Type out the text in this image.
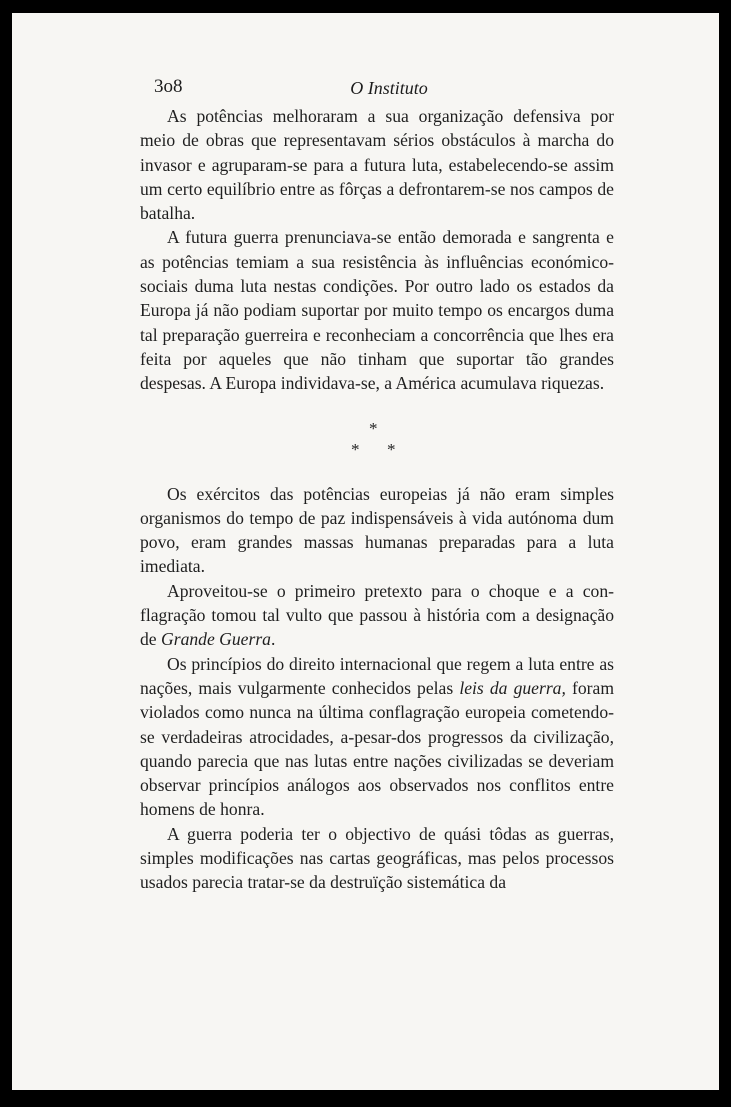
3o8	O Instituto

As potências melhoraram a sua organização defensiva por meio de obras que representavam sérios obstáculos à marcha do invasor e agruparam-se para a futura luta, estabelecendo-se assim um certo equilíbrio entre as fôrças a defrontarem-se nos campos de batalha.

A futura guerra prenunciava-se então demorada e sangrenta e as potências temiam a sua resistência às influências económico-sociais duma luta nestas condições. Por outro lado os estados da Europa já não podiam suportar por muito tempo os encargos duma tal preparação guerreira e reconheciam a concorrência que lhes era feita por aqueles que não tinham que suportar tão grandes despesas. A Europa individava-se, a América acumulava riquezas.

*
* *

Os exércitos das potências europeias já não eram simples organismos do tempo de paz indispensáveis à vida autónoma dum povo, eram grandes massas humanas preparadas para a luta imediata.

Aproveitou-se o primeiro pretexto para o choque e a conflagração tomou tal vulto que passou à história com a designação de Grande Guerra.

Os princípios do direito internacional que regem a luta entre as nações, mais vulgarmente conhecidos pelas leis da guerra, foram violados como nunca na última conflagração europeia cometendo-se verdadeiras atrocidades, a-pesar-dos progressos da civilização, quando parecia que nas lutas entre nações civilizadas se deveriam observar princípios análogos aos observados nos conflitos entre homens de honra.

A guerra poderia ter o objectivo de quási tôdas as guerras, simples modificações nas cartas geográficas, mas pelos processos usados parecia tratar-se da destruïção sistemática da
